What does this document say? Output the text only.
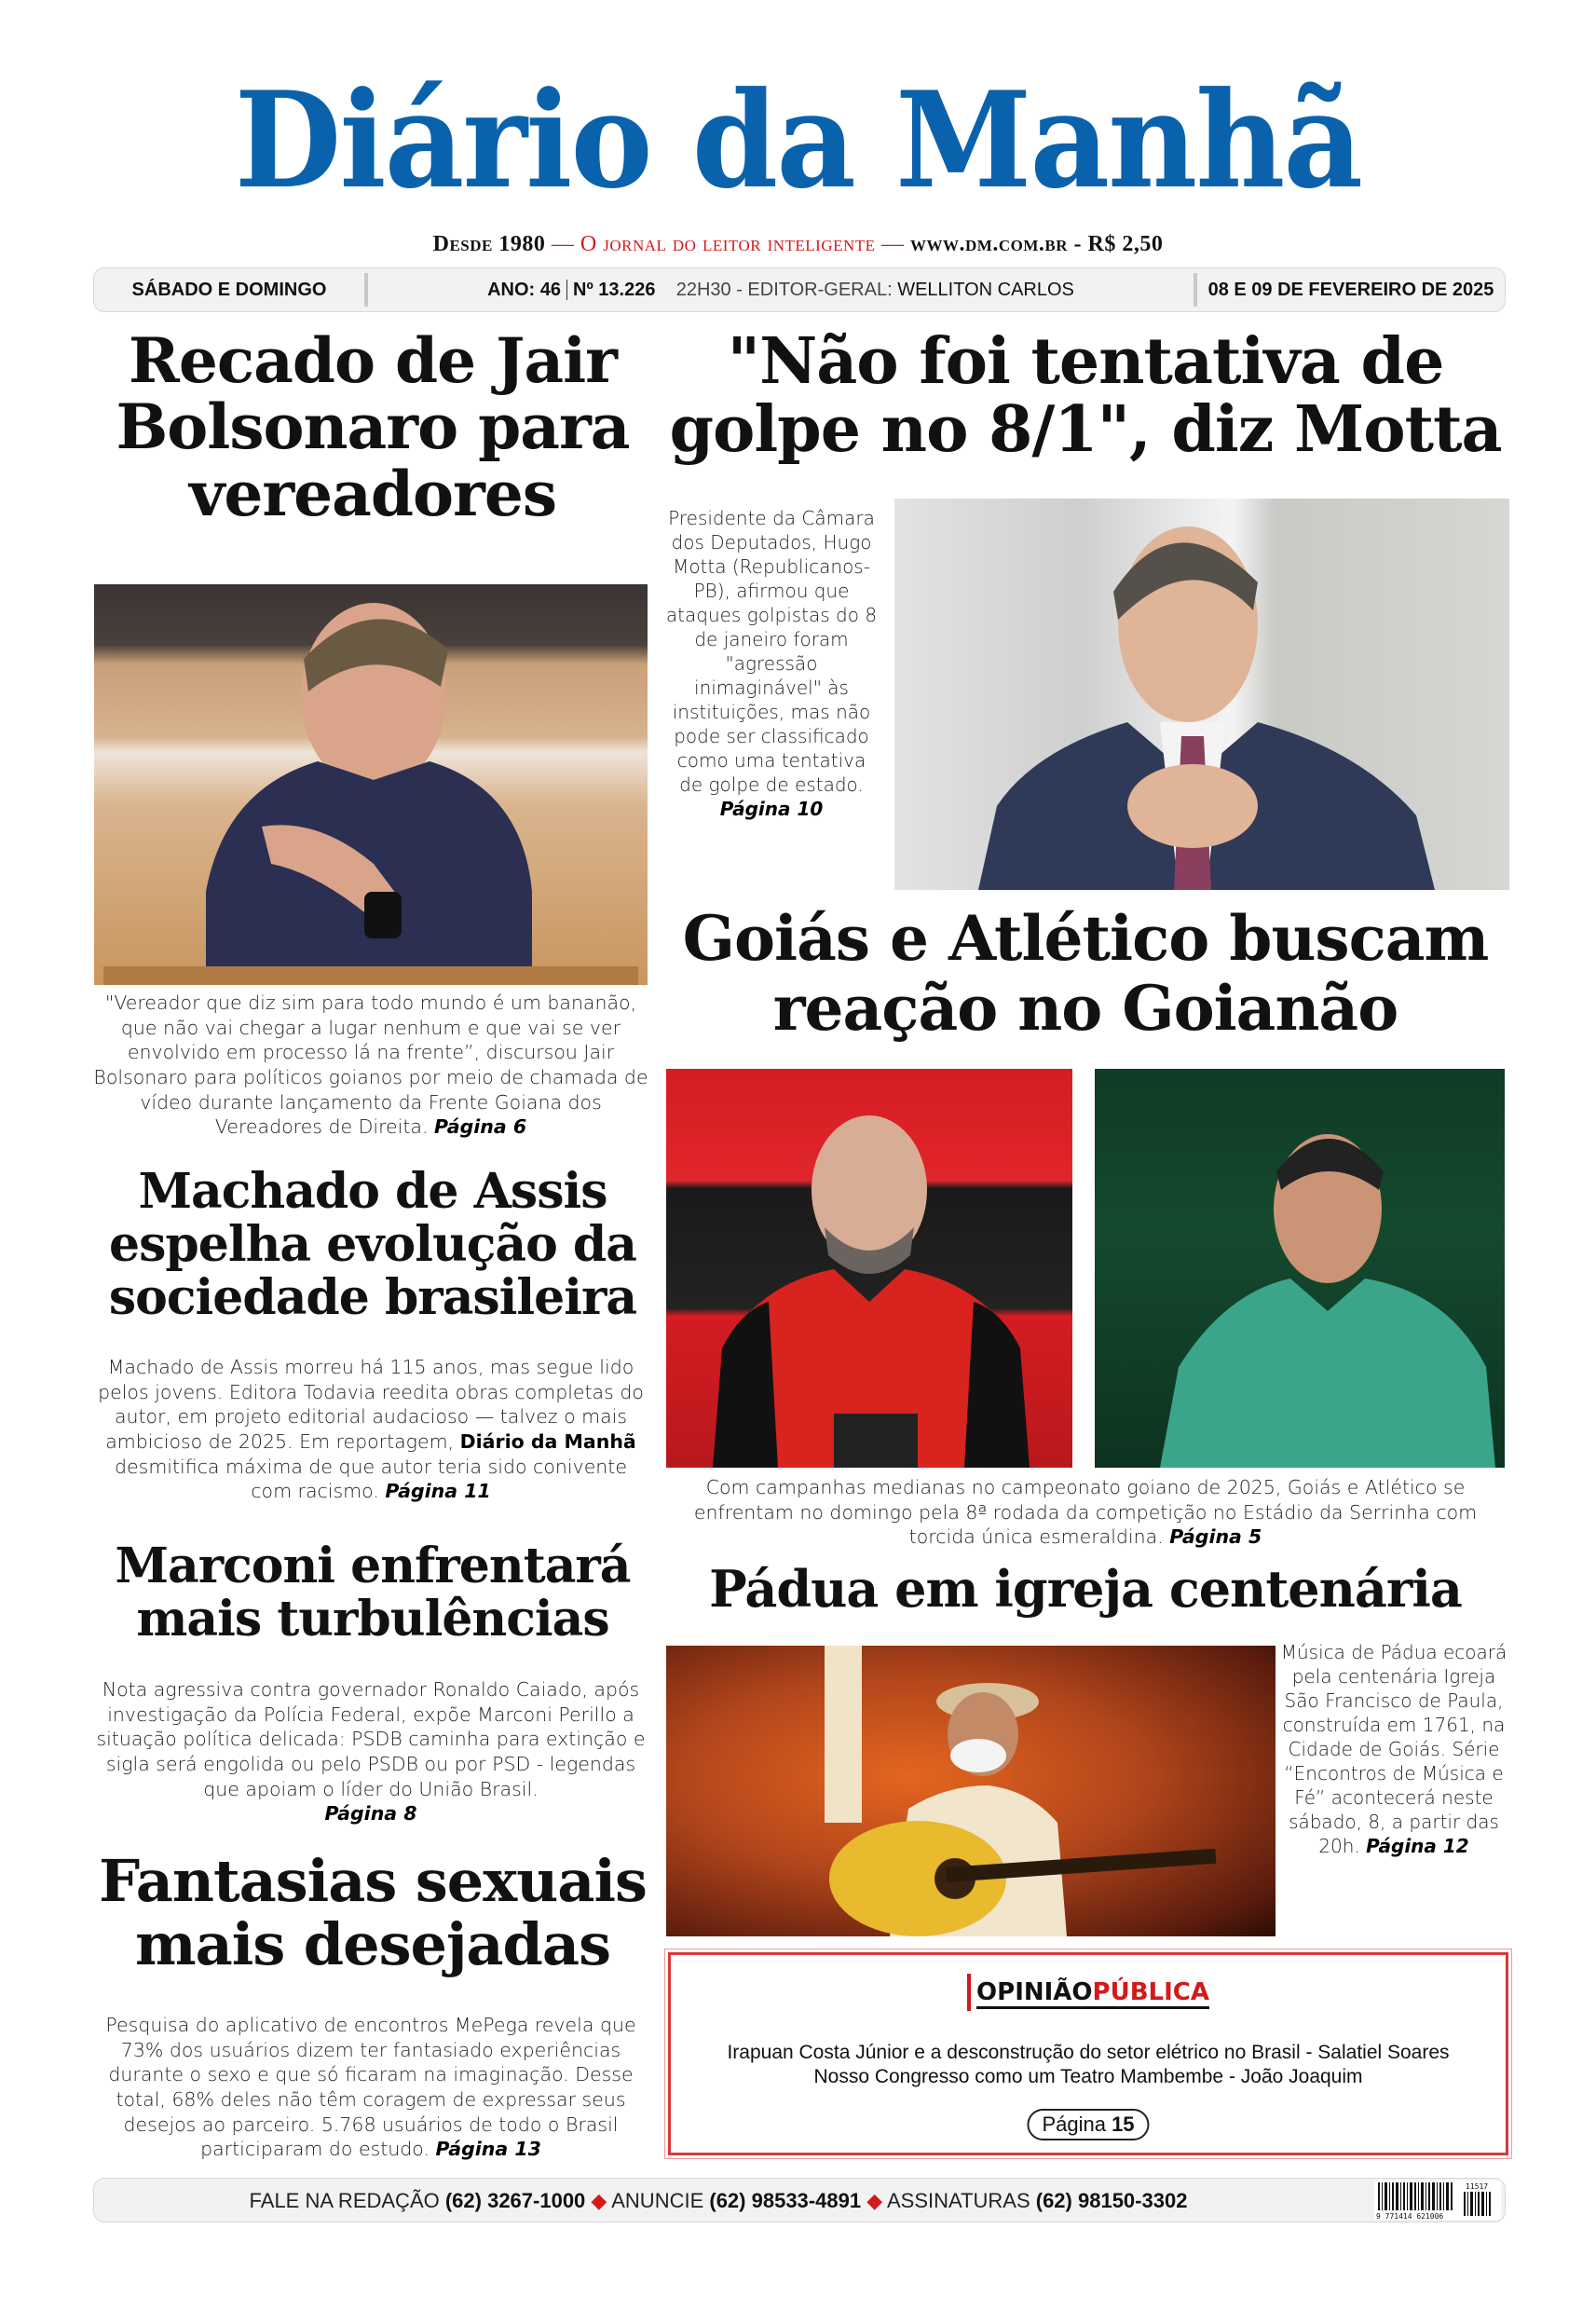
Diário da Manhã
Desde 1980 — O jornal do leitor inteligente — www.dm.com.br - R$ 2,50
SÁBADO E DOMINGO	ANO: 46 Nº 13.226 22H30 - EDITOR-GERAL: WELLITON CARLOS	08 E 09 DE FEVEREIRO DE 2025
Recado de Jair Bolsonaro para vereadores

"Vereador que diz sim para todo mundo é um bananão, que não vai chegar a lugar nenhum e que vai se ver envolvido em processo lá na frente”, discursou Jair Bolsonaro para políticos goianos por meio de chamada de vídeo durante lançamento da Frente Goiana dos Vereadores de Direita. Página 6

Machado de Assis espelha evolução da sociedade brasileira

Machado de Assis morreu há 115 anos, mas segue lido pelos jovens. Editora Todavia reedita obras completas do autor, em projeto editorial audacioso — talvez o mais ambicioso de 2025. Em reportagem, Diário da Manhã desmitifica máxima de que autor teria sido conivente com racismo. Página 11

Marconi enfrentará mais turbulências

Nota agressiva contra governador Ronaldo Caiado, após investigação da Polícia Federal, expõe Marconi Perillo a situação política delicada: PSDB caminha para extinção e sigla será engolida ou pelo PSDB ou por PSD - legendas que apoiam o líder do União Brasil.
Página 8

Fantasias sexuais mais desejadas

Pesquisa do aplicativo de encontros MePega revela que 73% dos usuários dizem ter fantasiado experiências durante o sexo e que só ficaram na imaginação. Desse total, 68% deles não têm coragem de expressar seus desejos ao parceiro. 5.768 usuários de todo o Brasil participaram do estudo. Página 13

"Não foi tentativa de golpe no 8/1", diz Motta

Presidente da Câmara dos Deputados, Hugo Motta (Republicanos-PB), afirmou que ataques golpistas do 8 de janeiro foram "agressão inimaginável" às instituições, mas não pode ser classificado como uma tentativa de golpe de estado.
Página 10

Goiás e Atlético buscam reação no Goianão

Com campanhas medianas no campeonato goiano de 2025, Goiás e Atlético se enfrentam no domingo pela 8ª rodada da competição no Estádio da Serrinha com torcida única esmeraldina. Página 5

Pádua em igreja centenária

Música de Pádua ecoará pela centenária Igreja São Francisco de Paula, construída em 1761, na Cidade de Goiás. Série “Encontros de Música e Fé” acontecerá neste sábado, 8, a partir das 20h. Página 12

OPINIÃOPÚBLICA
Irapuan Costa Júnior e a desconstrução do setor elétrico no Brasil - Salatiel Soares
Nosso Congresso como um Teatro Mambembe - João Joaquim
Página 15
FALE NA REDAÇÃO (62) 3267-1000 ◆ ANUNCIE (62) 98533-4891 ◆ ASSINATURAS (62) 98150-3302
9 771414 621006
11517
